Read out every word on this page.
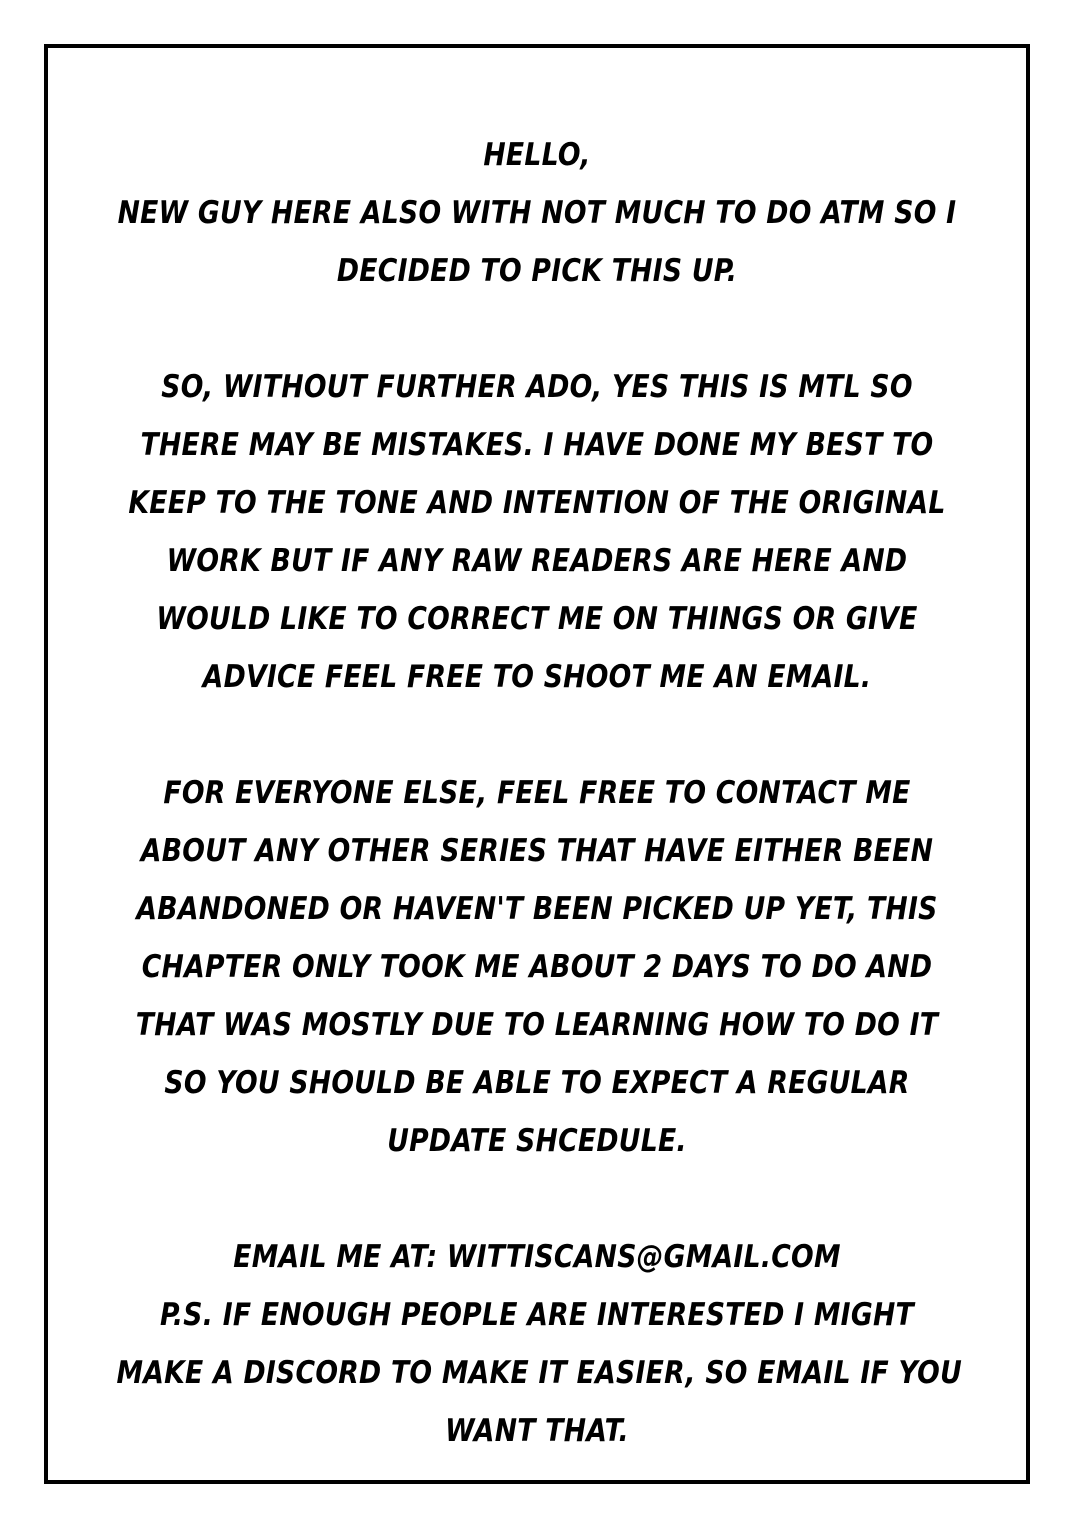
HELLO,
NEW GUY HERE ALSO WITH NOT MUCH TO DO ATM SO I
DECIDED TO PICK THIS UP.
SO, WITHOUT FURTHER ADO, YES THIS IS MTL SO
THERE MAY BE MISTAKES. I HAVE DONE MY BEST TO
KEEP TO THE TONE AND INTENTION OF THE ORIGINAL
WORK BUT IF ANY RAW READERS ARE HERE AND
WOULD LIKE TO CORRECT ME ON THINGS OR GIVE
ADVICE FEEL FREE TO SHOOT ME AN EMAIL.
FOR EVERYONE ELSE, FEEL FREE TO CONTACT ME
ABOUT ANY OTHER SERIES THAT HAVE EITHER BEEN
ABANDONED OR HAVEN'T BEEN PICKED UP YET, THIS
CHAPTER ONLY TOOK ME ABOUT 2 DAYS TO DO AND
THAT WAS MOSTLY DUE TO LEARNING HOW TO DO IT
SO YOU SHOULD BE ABLE TO EXPECT A REGULAR
UPDATE SHCEDULE.
EMAIL ME AT: WITTISCANS@GMAIL.COM
P.S. IF ENOUGH PEOPLE ARE INTERESTED I MIGHT
MAKE A DISCORD TO MAKE IT EASIER, SO EMAIL IF YOU
WANT THAT.
